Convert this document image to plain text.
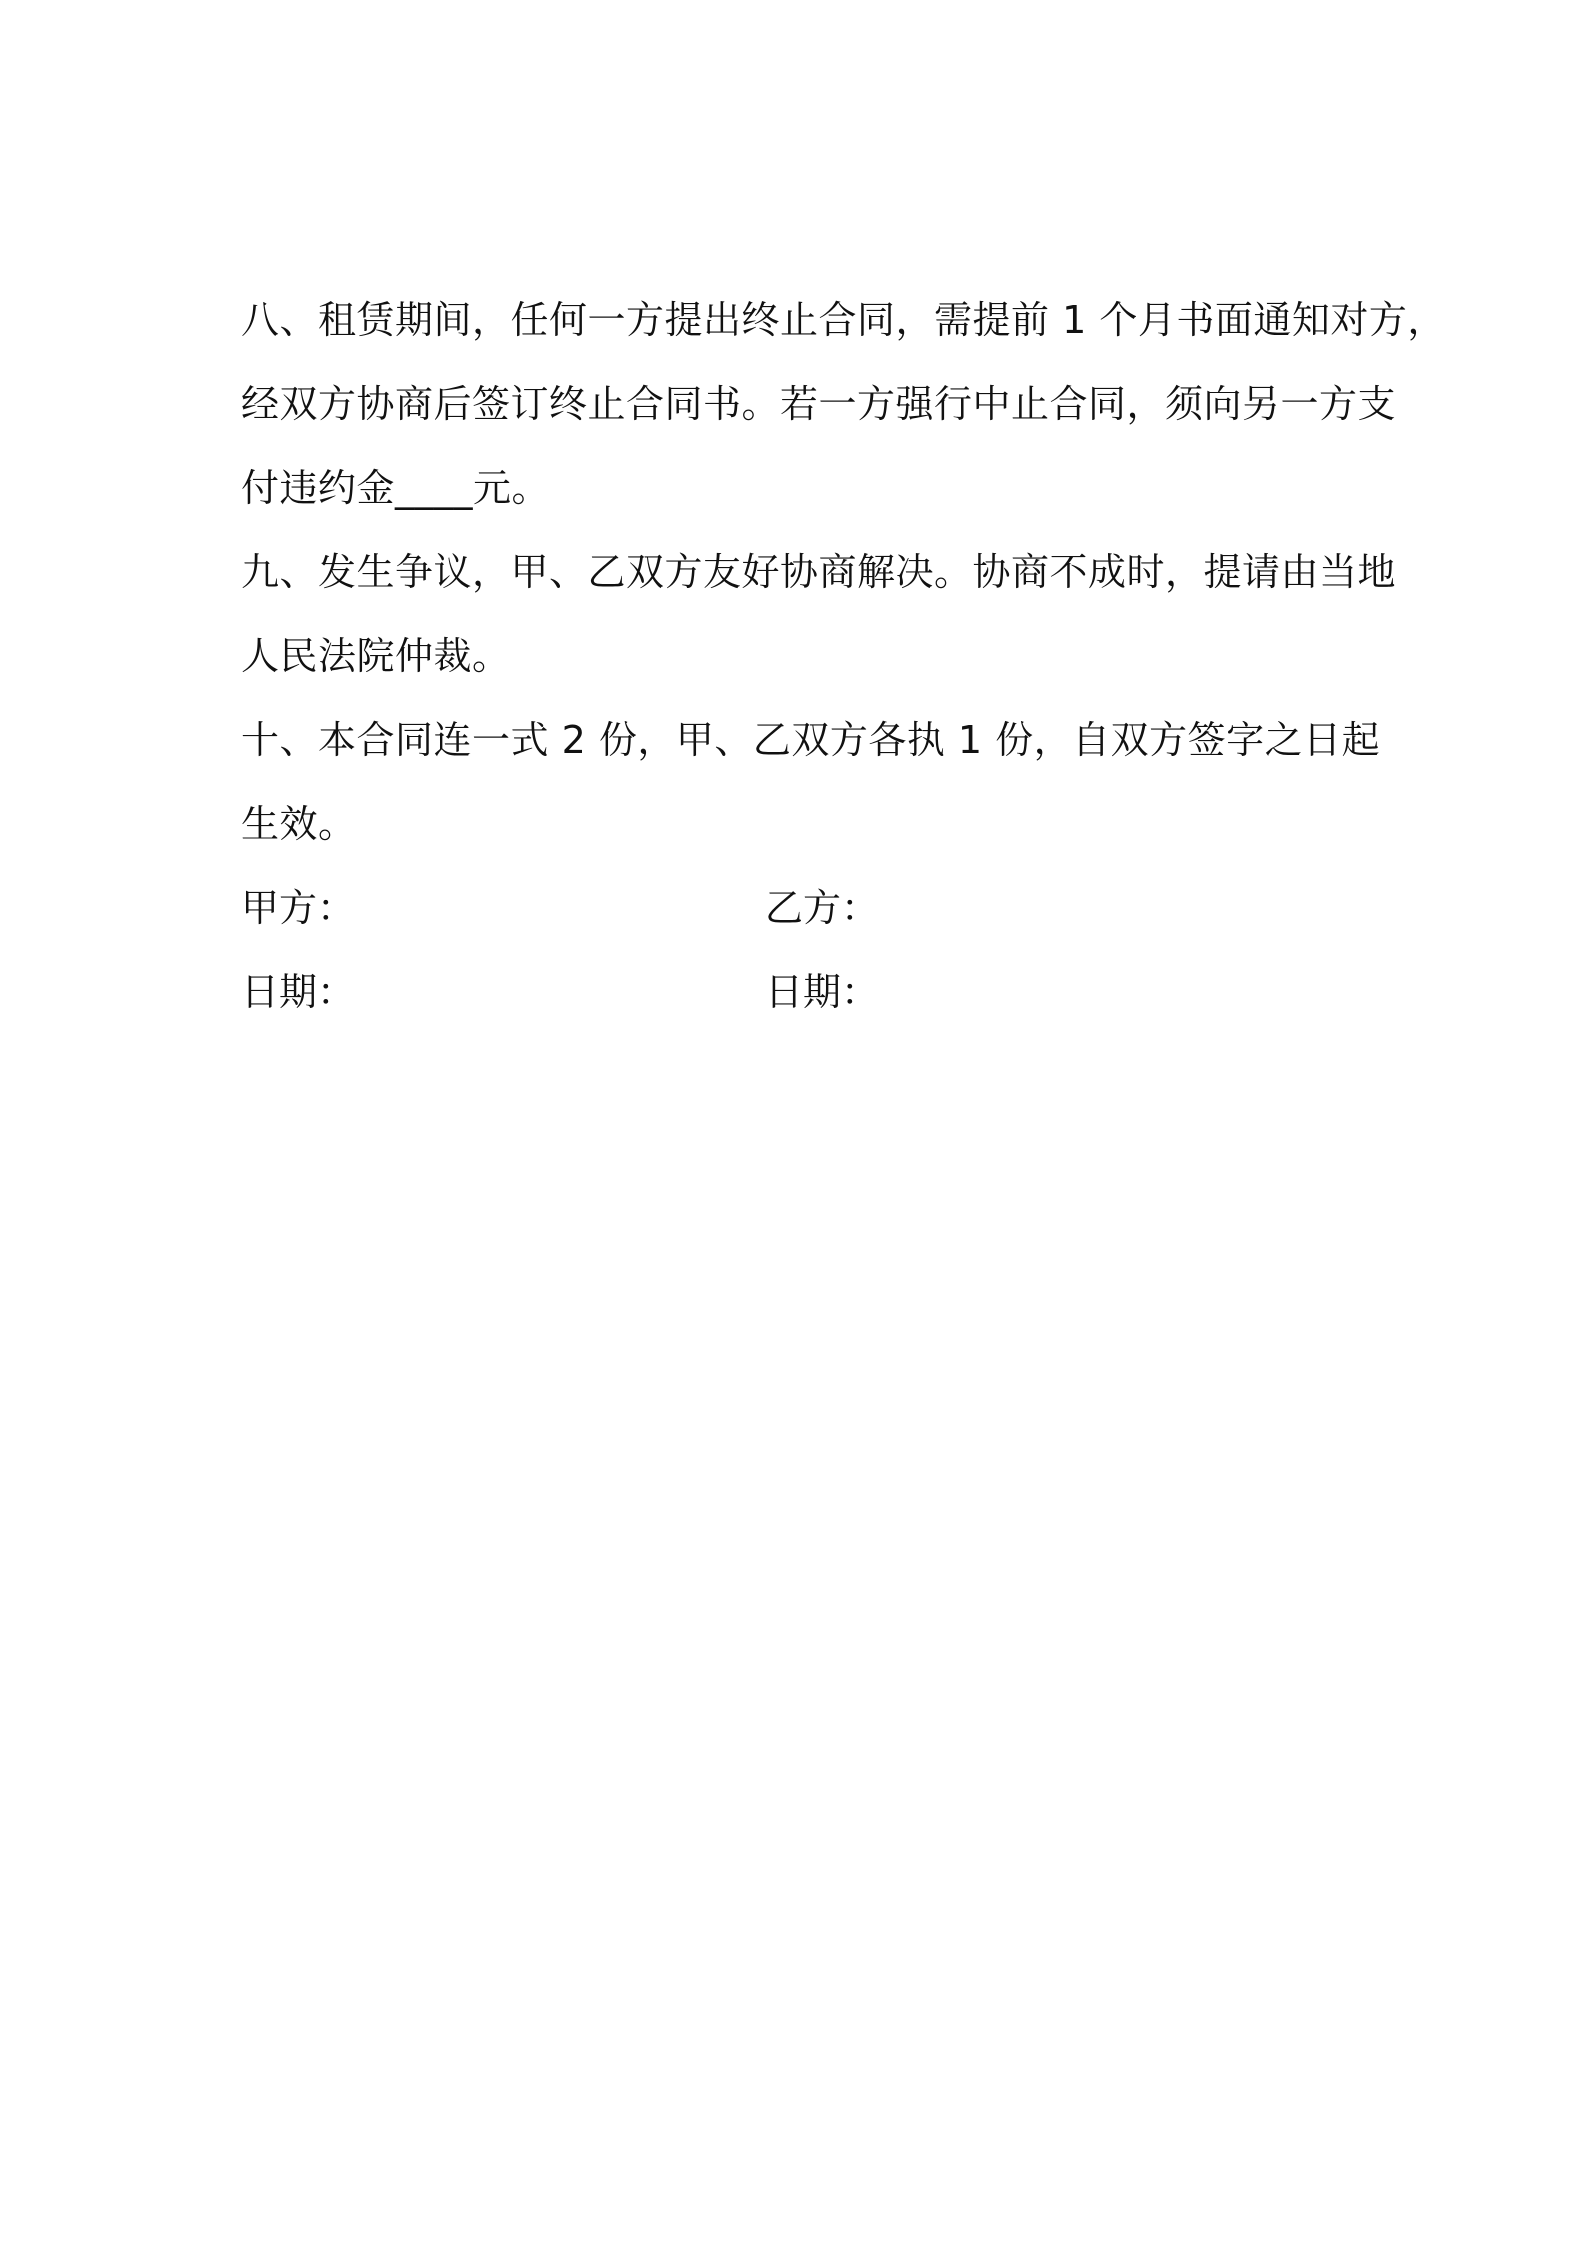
八、租赁期间，任何一方提出终止合同，需提前 1 个月书面通知对方，
经双方协商后签订终止合同书。若一方强行中止合同，须向另一方支
付违约金____元。
九、发生争议，甲、乙双方友好协商解决。协商不成时，提请由当地
人民法院仲裁。
十、本合同连一式 2 份，甲、乙双方各执 1 份，自双方签字之日起
生效。
甲方：	乙方：
日期：	日期：
